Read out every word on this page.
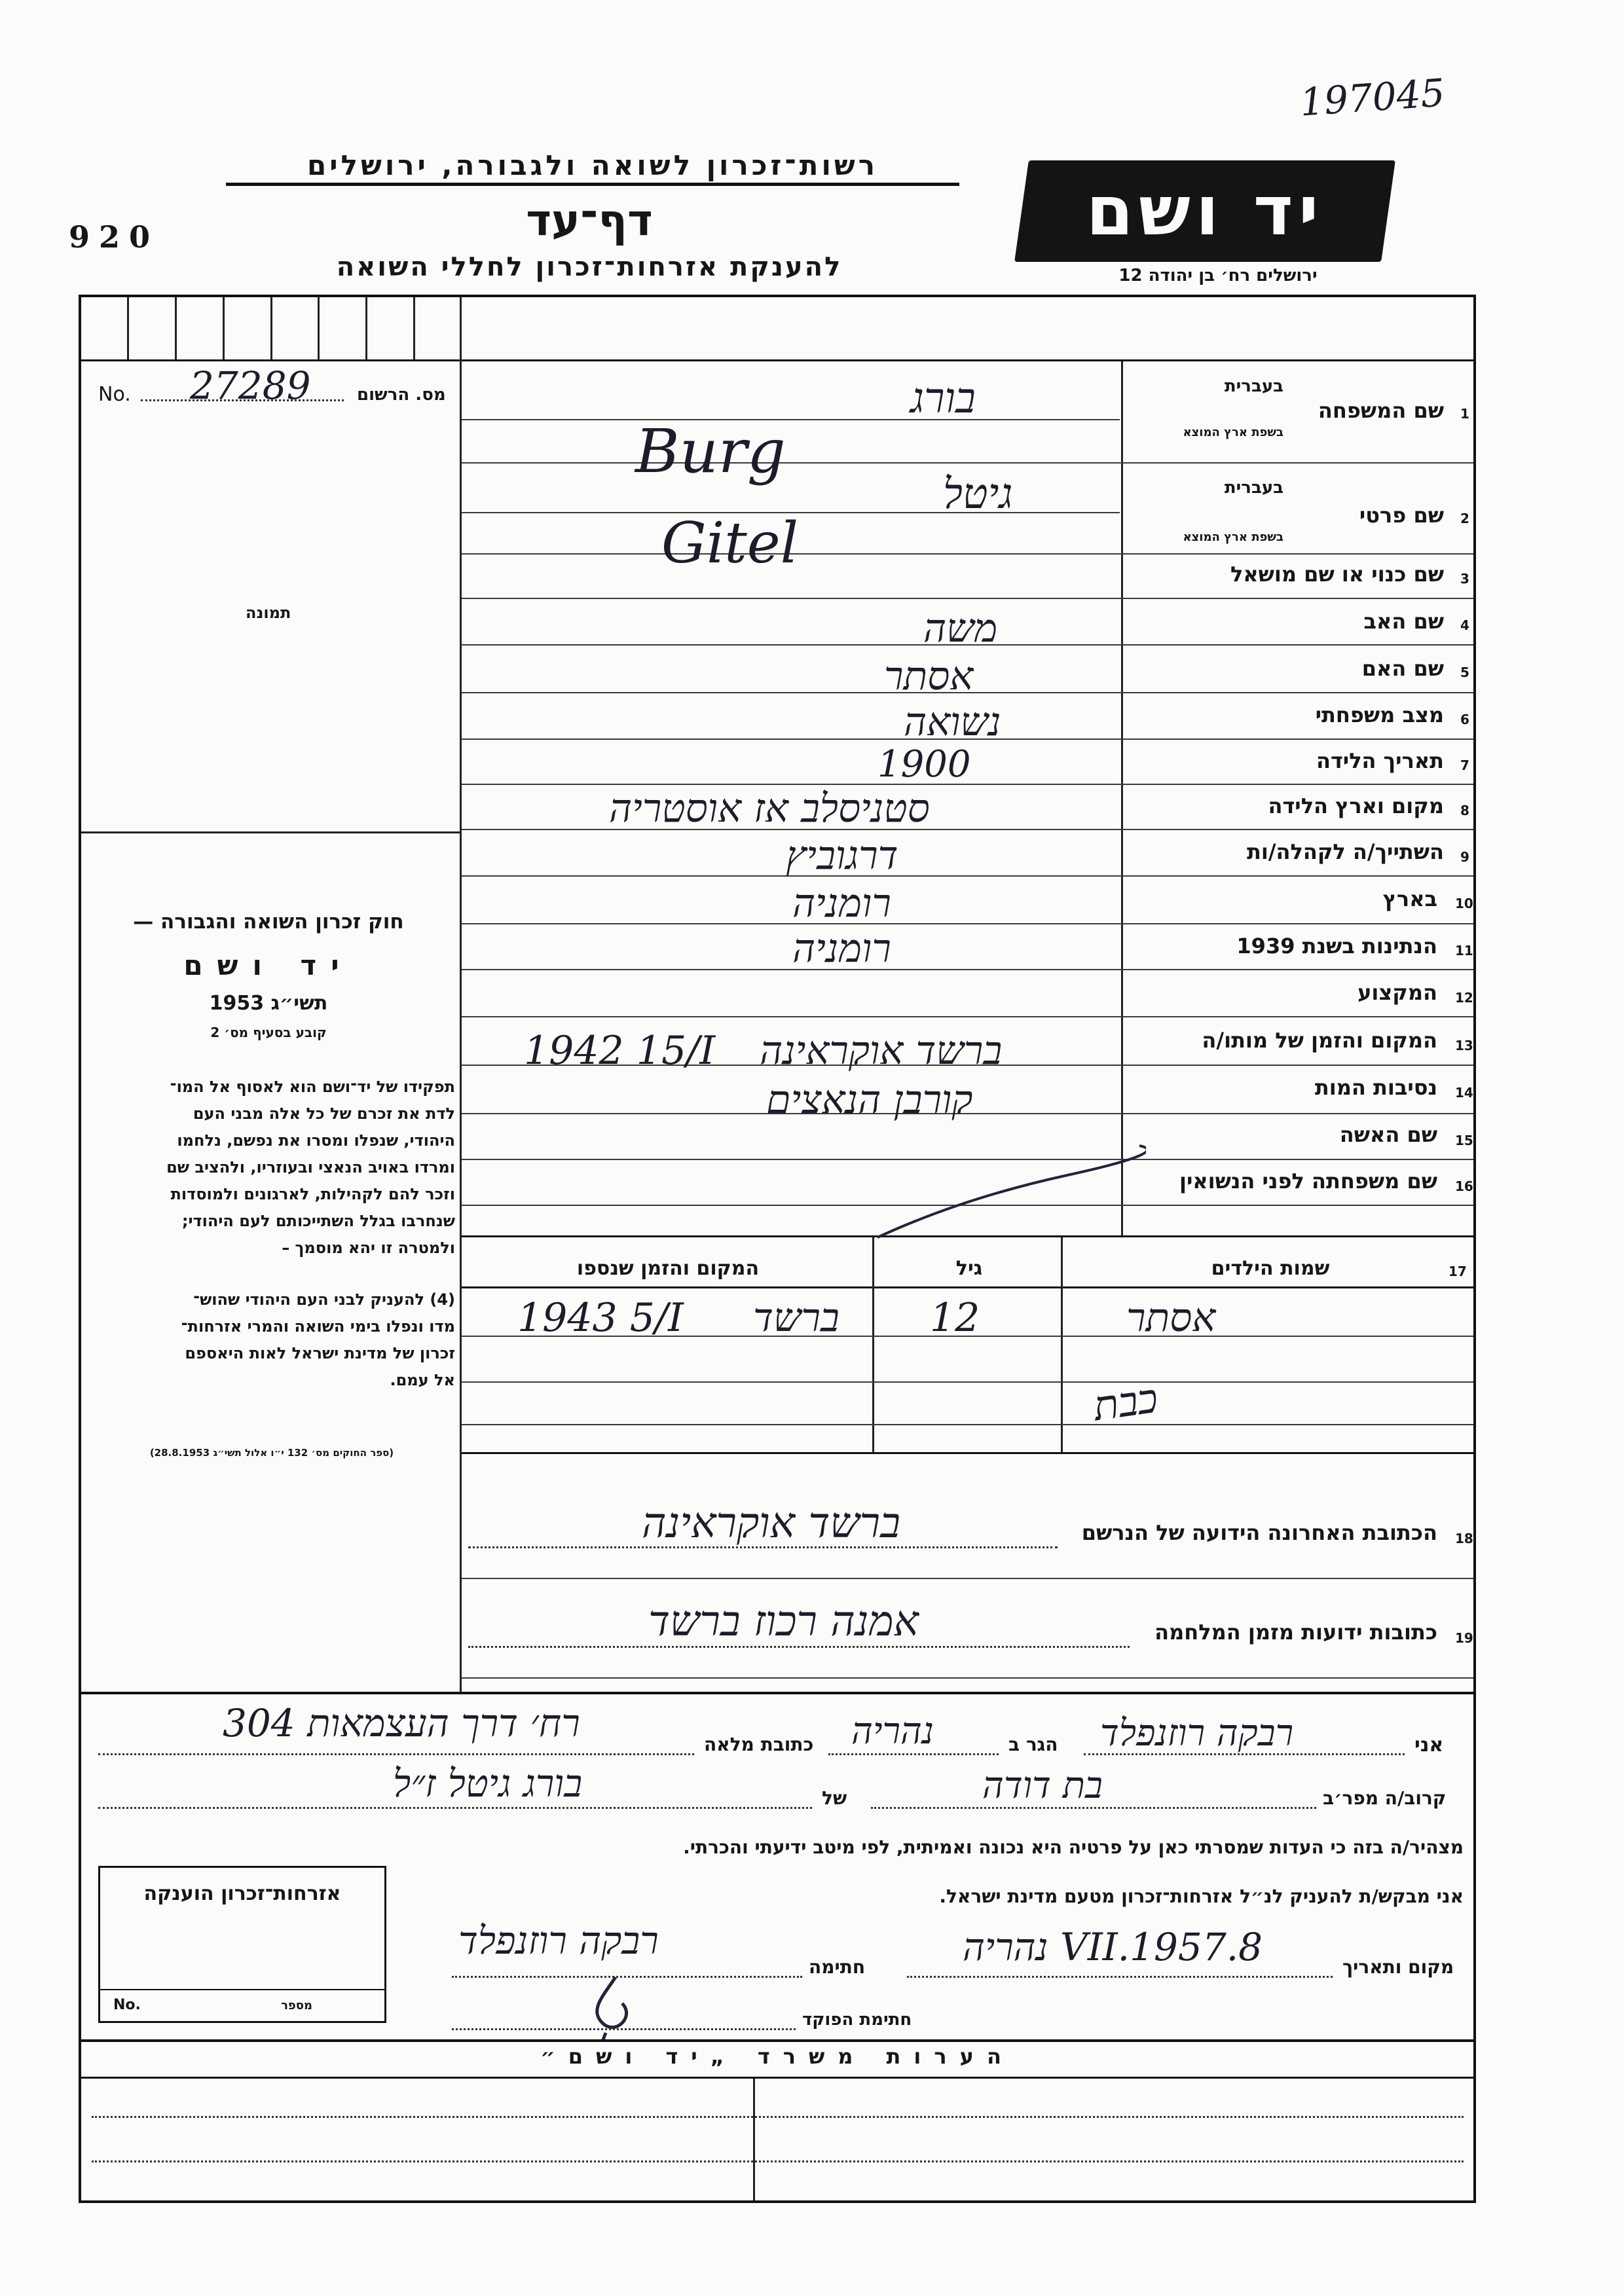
197045
920
רשות־זכרון לשואה ולגבורה, ירושלים
דף־עד
להענקת אזרחות־זכרון לחללי השואה
יד ושם
ירושלים רח׳ בן יהודה 12
No. 27289	מס. הרשום
תמונה
חוק זכרון השואה והגבורה —
יד ושם
תשי״ג 1953
קובע בסעיף מס׳ 2
תפקידו של יד־ושם הוא לאסוף אל המו־
לדת את זכרם של כל אלה מבני העם
היהודי, שנפלו ומסרו את נפשם, נלחמו
ומרדו באויב הנאצי ובעוזריו, ולהציב שם
וזכר להם לקהילות, לארגונים ולמוסדות
שנחרבו בגלל השתייכותם לעם היהודי;
ולמטרה זו יהא מוסמך –
(4) להעניק לבני העם היהודי שהוש־
מדו ונפלו בימי השואה והמרי אזרחות־
זכרון של מדינת ישראל לאות היאספם
אל עמם.
(ספר החוקים מס׳ 132 י״ו אלול תשי״ג 28.8.1953)
1
שם המשפחה
בעברית
בשפת ארץ המוצא
2
שם פרטי
בעברית
בשפת ארץ המוצא
3
שם כנוי או שם מושאל
4
שם האב
5
שם האם
6
מצב משפחתי
7
תאריך הלידה
8
מקום וארץ הלידה
9
השתייך/ה לקהלה/ות
10
בארץ
11
הנתינות בשנת 1939
12
המקצוע
13
המקום והזמן של מותו/ה
14
נסיבות המות
15
שם האשה
16
שם משפחתה לפני הנשואין
בורג
Burg
גיטל
Gitel
משה
אסתר
נשואה
1900
סטניסלב אז אוסטריה
דרגוביץ
רומניה
רומניה
1942 15/I ברשד אוקראינה
קורבן הנאצים
17
שמות הילדים
גיל
המקום והזמן שנספו
אסתר
12
ברשד
1943 5/I
כבת
18
הכתובת האחרונה הידועה של הנרשם
ברשד אוקראינה
19
כתובות ידועות מזמן המלחמה
אמנה רכוז ברשד
אני
רבקה רוזנפלד
הגר ב
נהריה
כתובת מלאה
רח׳ דרך העצמאות 304
קרוב/ה מפר׳ב
בת דודה
של
בורג גיטל ז״ל
מצהיר/ה בזה כי העדות שמסרתי כאן על פרטיה היא נכונה ואמיתית, לפי מיטב ידיעתי והכרתי.
אני מבקש/ת להעניק לנ״ל אזרחות־זכרון מטעם מדינת ישראל.
מקום ותאריך
8.VII.1957 נהריה
חתימה
רבקה רוזנפלד
חתימת הפוקד
אזרחות־זכרון הוענקה
No.	מספר
הערות משרד „יד ושם״
